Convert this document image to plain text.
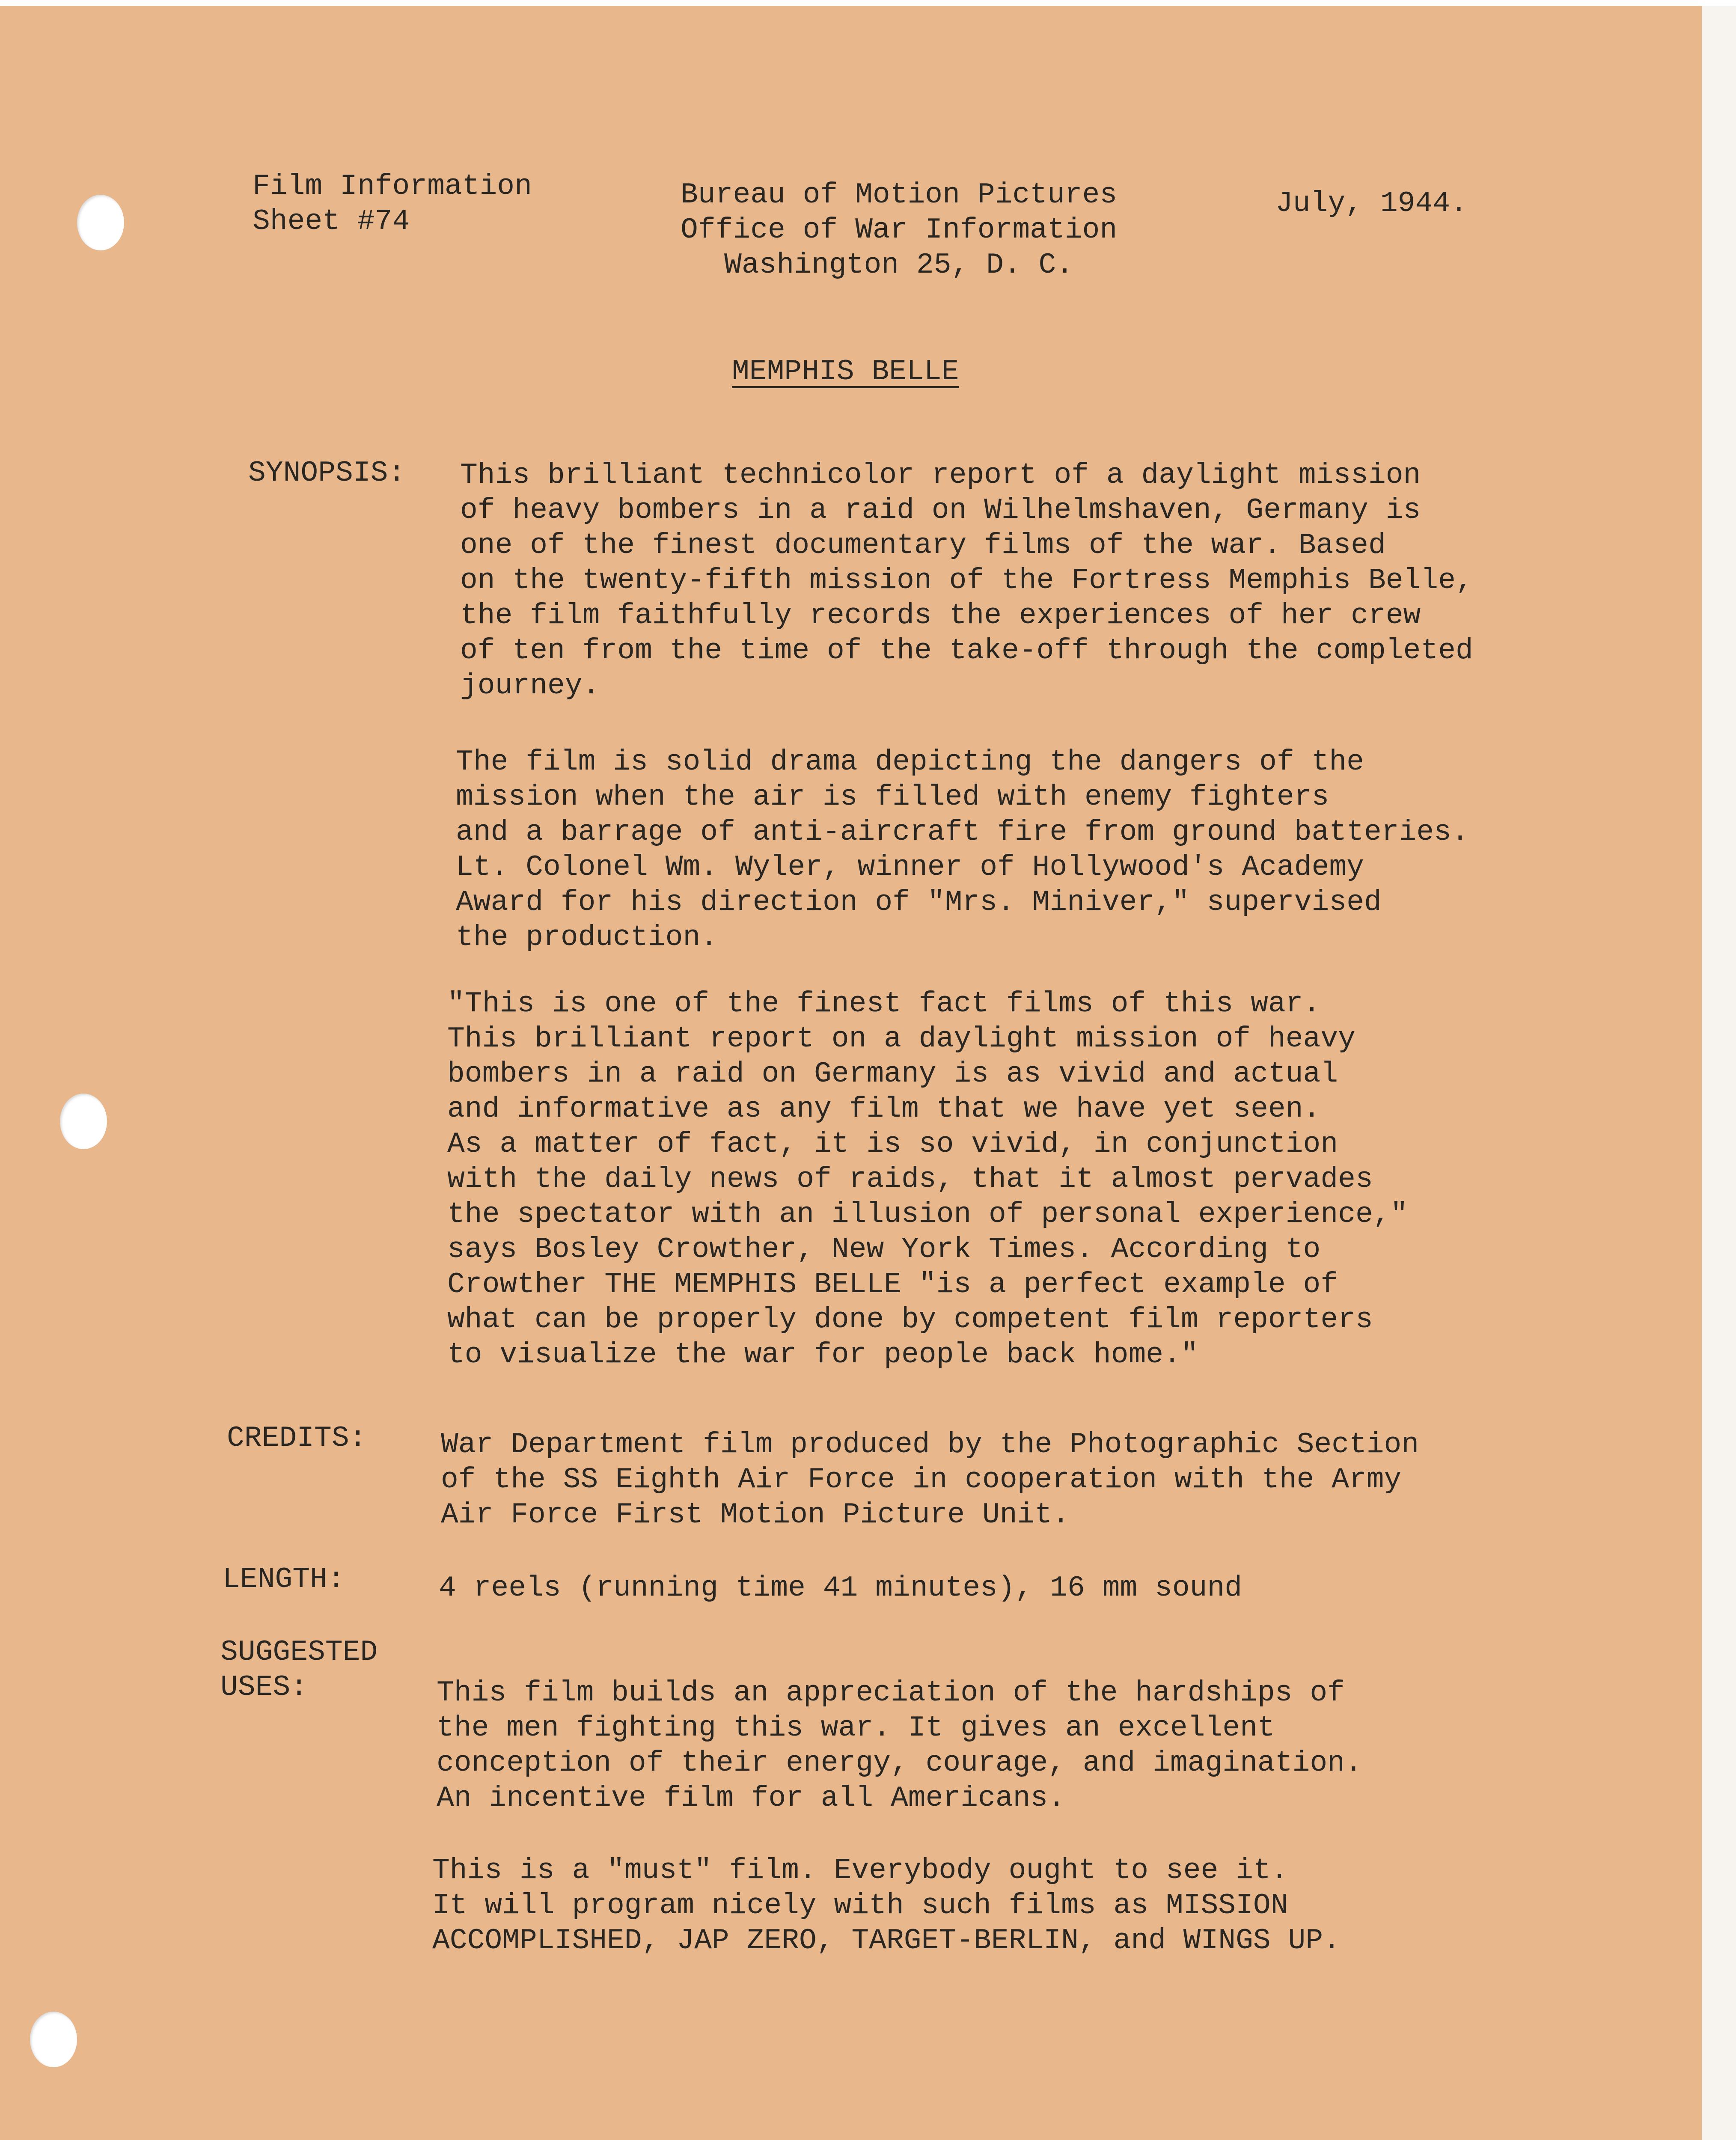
Film Information
Sheet #74
Bureau of Motion Pictures
Office of War Information
Washington 25, D. C.
July, 1944.
MEMPHIS BELLE
SYNOPSIS: This brilliant technicolor report of a daylight mission
of heavy bombers in a raid on Wilhelmshaven, Germany is
one of the finest documentary films of the war. Based
on the twenty-fifth mission of the Fortress Memphis Belle,
the film faithfully records the experiences of her crew
of ten from the time of the take-off through the completed
journey.
The film is solid drama depicting the dangers of the
mission when the air is filled with enemy fighters
and a barrage of anti-aircraft fire from ground batteries.
Lt. Colonel Wm. Wyler, winner of Hollywood's Academy
Award for his direction of "Mrs. Miniver," supervised
the production.
"This is one of the finest fact films of this war.
This brilliant report on a daylight mission of heavy
bombers in a raid on Germany is as vivid and actual
and informative as any film that we have yet seen.
As a matter of fact, it is so vivid, in conjunction
with the daily news of raids, that it almost pervades
the spectator with an illusion of personal experience,"
says Bosley Crowther, New York Times. According to
Crowther THE MEMPHIS BELLE "is a perfect example of
what can be properly done by competent film reporters
to visualize the war for people back home."
CREDITS:	War Department film produced by the Photographic Section
of the SS Eighth Air Force in cooperation with the Army
Air Force First Motion Picture Unit.
LENGTH:	4 reels (running time 41 minutes), 16 mm sound
SUGGESTED
USES:	This film builds an appreciation of the hardships of
the men fighting this war. It gives an excellent
conception of their energy, courage, and imagination.
An incentive film for all Americans.
This is a "must" film. Everybody ought to see it.
It will program nicely with such films as MISSION
ACCOMPLISHED, JAP ZERO, TARGET-BERLIN, and WINGS UP.
